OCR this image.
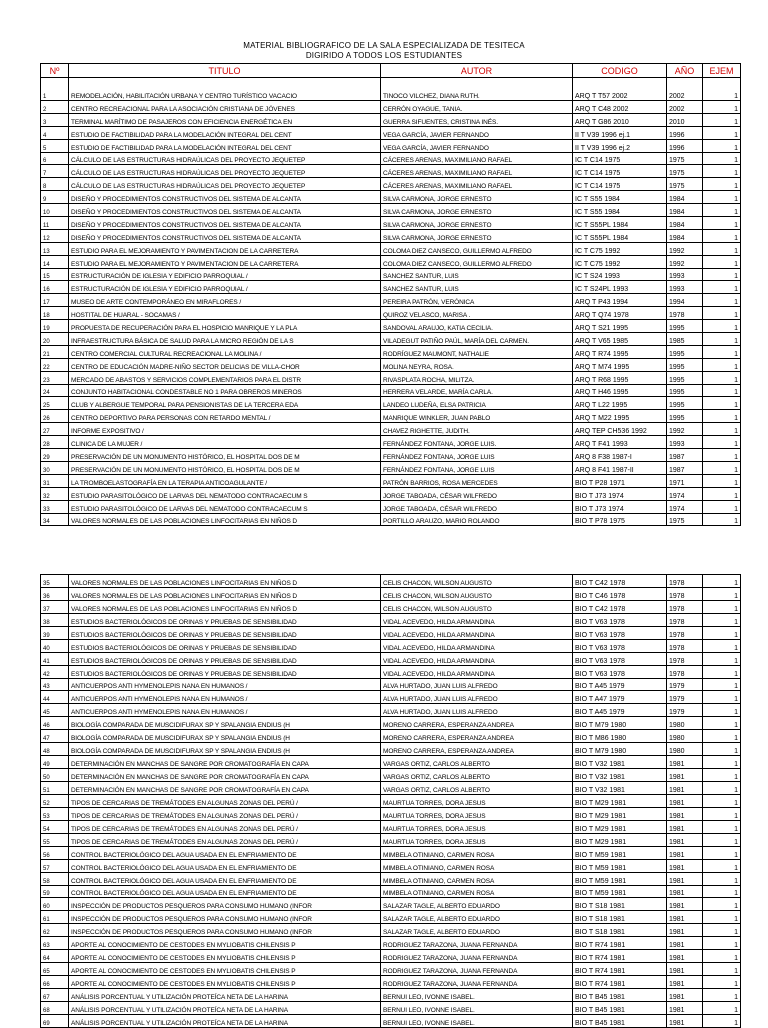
MATERIAL BIBLIOGRAFICO DE LA SALA ESPECIALIZADA DE TESITECA
DIGIRIDO A TODOS LOS ESTUDIANTES
Nº	TITULO	AUTOR	CODIGO	AÑO	EJEM
1	REMODELACIÓN, HABILITACIÓN URBANA Y CENTRO TURÍSTICO VACACIO	TINOCO VILCHEZ, DIANA RUTH.	ARQ T T57 2002	2002	1
2	CENTRO RECREACIONAL PARA LA ASOCIACIÓN CRISTIANA DE JÓVENES	CERRÓN OYAGUE, TANIA.	ARQ T C48 2002	2002	1
3	TERMINAL MARÍTIMO DE PASAJEROS CON EFICIENCIA ENERGÉTICA EN	GUERRA SIFUENTES, CRISTINA INÉS.	ARQ T G86 2010	2010	1
4	ESTUDIO DE FACTIBILIDAD PARA LA MODELACIÓN INTEGRAL DEL CENT	VEGA GARCÍA, JAVIER FERNANDO	II T V39 1996 ej.1	1996	1
5	ESTUDIO DE FACTIBILIDAD PARA LA MODELACIÓN INTEGRAL DEL CENT	VEGA GARCÍA, JAVIER FERNANDO	II T V39 1996 ej.2	1996	1
6	CÁLCULO DE LAS ESTRUCTURAS HIDRAÚLICAS DEL PROYECTO JEQUETEP	CÁCERES ARENAS, MAXIMILIANO RAFAEL	IC T C14 1975	1975	1
7	CÁLCULO DE LAS ESTRUCTURAS HIDRAÚLICAS DEL PROYECTO JEQUETEP	CÁCERES ARENAS, MAXIMILIANO RAFAEL	IC T C14 1975	1975	1
8	CÁLCULO DE LAS ESTRUCTURAS HIDRAÚLICAS DEL PROYECTO JEQUETEP	CÁCERES ARENAS, MAXIMILIANO RAFAEL	IC T C14 1975	1975	1
9	DISEÑO Y PROCEDIMIENTOS CONSTRUCTIVOS DEL SISTEMA DE ALCANTA	SILVA CARMONA, JORGE ERNESTO	IC T S55 1984	1984	1
10	DISEÑO Y PROCEDIMIENTOS CONSTRUCTIVOS DEL SISTEMA DE ALCANTA	SILVA CARMONA, JORGE ERNESTO	IC T S55 1984	1984	1
11	DISEÑO Y PROCEDIMIENTOS CONSTRUCTIVOS DEL SISTEMA DE ALCANTA	SILVA CARMONA, JORGE ERNESTO	IC T S55PL 1984	1984	1
12	DISEÑO Y PROCEDIMIENTOS CONSTRUCTIVOS DEL SISTEMA DE ALCANTA	SILVA CARMONA, JORGE ERNESTO	IC T S55PL 1984	1984	1
13	ESTUDIO PARA EL MEJORAMIENTO Y PAVIMENTACION DE LA CARRETERA	COLOMA DIEZ CANSECO, GUILLERMO ALFREDO	IC T C75 1992	1992	1
14	ESTUDIO PARA EL MEJORAMIENTO Y PAVIMENTACION DE LA CARRETERA	COLOMA DIEZ CANSECO, GUILLERMO ALFREDO	IC T C75 1992	1992	1
15	ESTRUCTURACIÓN DE IGLESIA Y EDIFICIO PARROQUIAL /	SANCHEZ SANTUR, LUIS	IC T S24 1993	1993	1
16	ESTRUCTURACIÓN DE IGLESIA Y EDIFICIO PARROQUIAL /	SANCHEZ SANTUR, LUIS	IC T S24PL 1993	1993	1
17	MUSEO DE ARTE CONTEMPORÁNEO EN MIRAFLORES /	PEREIRA PATRÓN, VERÓNICA	ARQ T P43 1994	1994	1
18	HOSTITAL DE HUARAL - SOCAMAS /	QUIROZ VELASCO, MARISA .	ARQ T Q74 1978	1978	1
19	PROPUESTA DE RECUPERACIÓN PARA EL HOSPICIO MANRIQUE Y LA PLA	SANDOVAL ARAUJO, KATIA CECILIA.	ARQ T S21 1995	1995	1
20	INFRAESTRUCTURA BÁSICA DE SALUD PARA LA MICRO REGIÓN DE LA S	VILADEGUT PATIÑO PAÚL, MARÍA DEL CARMEN.	ARQ T V65 1985	1985	1
21	CENTRO COMERCIAL CULTURAL RECREACIONAL LA MOLINA /	RODRÍGUEZ MAUMONT, NATHALIE	ARQ T R74 1995	1995	1
22	CENTRO DE EDUCACIÓN MADRE-NIÑO SECTOR DELICIAS DE VILLA-CHOR	MOLINA NEYRA, ROSA.	ARQ T M74 1995	1995	1
23	MERCADO DE ABASTOS Y SERVICIOS COMPLEMENTARIOS PARA EL DISTR	RIVASPLATA ROCHA, MILITZA.	ARQ T R68 1995	1995	1
24	CONJUNTO HABITACIONAL CONDESTABLE NO 1 PARA OBREROS MINEROS	HERRERA VELARDE, MARÍA CARLA.	ARQ T H46 1995	1995	1
25	CLUB Y ALBERGUE TEMPORAL PARA PENSIONISTAS DE LA TERCERA EDA	LANDEO LUDEÑA, ELSA PATRICIA	ARQ T L22 1995	1995	1
26	CENTRO DEPORTIVO PARA PERSONAS CON RETARDO MENTAL /	MANRIQUE WINKLER, JUAN PABLO	ARQ T M22 1995	1995	1
27	INFORME EXPOSITIVO /	CHAVEZ RIGHETTE, JUDITH.	ARQ TEP CH536 1992	1992	1
28	CLINICA DE LA MUJER /	FERNÁNDEZ FONTANA, JORGE LUIS.	ARQ T F41 1993	1993	1
29	PRESERVACIÓN DE UN MONUMENTO HISTÓRICO, EL HOSPITAL DOS DE M	FERNÁNDEZ FONTANA, JORGE LUIS	ARQ 8 F38 1987-I	1987	1
30	PRESERVACIÓN DE UN MONUMENTO HISTÓRICO, EL HOSPITAL DOS DE M	FERNÁNDEZ FONTANA, JORGE LUIS	ARQ 8 F41 1987-II	1987	1
31	LA TROMBOELASTOGRAFÍA EN LA TERAPIA ANTICOAGULANTE /	PATRÓN BARRIOS, ROSA MERCEDES	BIO T P28 1971	1971	1
32	ESTUDIO PARASITOLÓGICO DE LARVAS DEL NEMATODO CONTRACAECUM S	JORGE TABOADA, CÉSAR WILFREDO	BIO T J73 1974	1974	1
33	ESTUDIO PARASITOLÓGICO DE LARVAS DEL NEMATODO CONTRACAECUM S	JORGE TABOADA, CÉSAR WILFREDO	BIO T J73 1974	1974	1
34	VALORES NORMALES DE LAS POBLACIONES LINFOCITARIAS EN NIÑOS D	PORTILLO ARAUZO, MARIO ROLANDO	BIO T P78 1975	1975	1
35	VALORES NORMALES DE LAS POBLACIONES LINFOCITARIAS EN NIÑOS D	CELIS CHACON, WILSON AUGUSTO	BIO T C42 1978	1978	1
36	VALORES NORMALES DE LAS POBLACIONES LINFOCITARIAS EN NIÑOS D	CELIS CHACON, WILSON AUGUSTO	BIO T C46 1978	1978	1
37	VALORES NORMALES DE LAS POBLACIONES LINFOCITARIAS EN NIÑOS D	CELIS CHACON, WILSON AUGUSTO	BIO T C42 1978	1978	1
38	ESTUDIOS BACTERIOLÓGICOS DE ORINAS Y PRUEBAS DE SENSIBILIDAD	VIDAL ACEVEDO, HILDA ARMANDINA	BIO T V63 1978	1978	1
39	ESTUDIOS BACTERIOLÓGICOS DE ORINAS Y PRUEBAS DE SENSIBILIDAD	VIDAL ACEVEDO, HILDA ARMANDINA	BIO T V63 1978	1978	1
40	ESTUDIOS BACTERIOLÓGICOS DE ORINAS Y PRUEBAS DE SENSIBILIDAD	VIDAL ACEVEDO, HILDA ARMANDINA	BIO T V63 1978	1978	1
41	ESTUDIOS BACTERIOLÓGICOS DE ORINAS Y PRUEBAS DE SENSIBILIDAD	VIDAL ACEVEDO, HILDA ARMANDINA	BIO T V63 1978	1978	1
42	ESTUDIOS BACTERIOLÓGICOS DE ORINAS Y PRUEBAS DE SENSIBILIDAD	VIDAL ACEVEDO, HILDA ARMANDINA	BIO T V63 1978	1978	1
43	ANTICUERPOS ANTI HYMENOLEPIS NANA EN HUMANOS /	ALVA HURTADO, JUAN LUIS ALFREDO	BIO T A45 1979	1979	1
44	ANTICUERPOS ANTI HYMENOLEPIS NANA EN HUMANOS /	ALVA HURTADO, JUAN LUIS ALFREDO	BIO T A47 1979	1979	1
45	ANTICUERPOS ANTI HYMENOLEPIS NANA EN HUMANOS /	ALVA HURTADO, JUAN LUIS ALFREDO	BIO T A45 1979	1979	1
46	BIOLOGÍA COMPARADA DE MUSCIDIFURAX SP Y SPALANGIA ENDIUS (H	MORENO CARRERA, ESPERANZA ANDREA	BIO T M79 1980	1980	1
47	BIOLOGÍA COMPARADA DE MUSCIDIFURAX SP Y SPALANGIA ENDIUS (H	MORENO CARRERA, ESPERANZA ANDREA	BIO T M86 1980	1980	1
48	BIOLOGÍA COMPARADA DE MUSCIDIFURAX SP Y SPALANGIA ENDIUS (H	MORENO CARRERA, ESPERANZA ANDREA	BIO T M79 1980	1980	1
49	DETERMINACIÓN EN MANCHAS DE SANGRE POR CROMATOGRAFÍA EN CAPA	VARGAS ORTIZ, CARLOS ALBERTO	BIO T V32 1981	1981	1
50	DETERMINACIÓN EN MANCHAS DE SANGRE POR CROMATOGRAFÍA EN CAPA	VARGAS ORTIZ, CARLOS ALBERTO	BIO T V32 1981	1981	1
51	DETERMINACIÓN EN MANCHAS DE SANGRE POR CROMATOGRAFÍA EN CAPA	VARGAS ORTIZ, CARLOS ALBERTO	BIO T V32 1981	1981	1
52	TIPOS DE CERCARIAS DE TREMÁTODES EN ALGUNAS ZONAS DEL PERÚ /	MAURTUA TORRES, DORA JESUS	BIO T M29 1981	1981	1
53	TIPOS DE CERCARIAS DE TREMÁTODES EN ALGUNAS ZONAS DEL PERÚ /	MAURTUA TORRES, DORA JESUS	BIO T M29 1981	1981	1
54	TIPOS DE CERCARIAS DE TREMÁTODES EN ALGUNAS ZONAS DEL PERÚ /	MAURTUA TORRES, DORA JESUS	BIO T M29 1981	1981	1
55	TIPOS DE CERCARIAS DE TREMÁTODES EN ALGUNAS ZONAS DEL PERÚ /	MAURTUA TORRES, DORA JESUS	BIO T M29 1981	1981	1
56	CONTROL BACTERIOLÓGICO DEL AGUA USADA EN EL ENFRIAMIENTO DE	MIMBELA OTINIANO, CARMEN ROSA	BIO T M59 1981	1981	1
57	CONTROL BACTERIOLÓGICO DEL AGUA USADA EN EL ENFRIAMIENTO DE	MIMBELA OTINIANO, CARMEN ROSA	BIO T M59 1981	1981	1
58	CONTROL BACTERIOLÓGICO DEL AGUA USADA EN EL ENFRIAMIENTO DE	MIMBELA OTINIANO, CARMEN ROSA	BIO T M59 1981	1981	1
59	CONTROL BACTERIOLÓGICO DEL AGUA USADA EN EL ENFRIAMIENTO DE	MIMBELA OTINIANO, CARMEN ROSA	BIO T M59 1981	1981	1
60	INSPECCIÓN DE PRODUCTOS PESQUEROS PARA CONSUMO HUMANO (INFOR	SALAZAR TAGLE, ALBERTO EDUARDO	BIO T S18 1981	1981	1
61	INSPECCIÓN DE PRODUCTOS PESQUEROS PARA CONSUMO HUMANO (INFOR	SALAZAR TAGLE, ALBERTO EDUARDO	BIO T S18 1981	1981	1
62	INSPECCIÓN DE PRODUCTOS PESQUEROS PARA CONSUMO HUMANO (INFOR	SALAZAR TAGLE, ALBERTO EDUARDO	BIO T S18 1981	1981	1
63	APORTE AL CONOCIMIENTO DE CESTODES EN MYLIOBATIS CHILENSIS P	RODRIGUEZ TARAZONA, JUANA FERNANDA	BIO T R74 1981	1981	1
64	APORTE AL CONOCIMIENTO DE CESTODES EN MYLIOBATIS CHILENSIS P	RODRIGUEZ TARAZONA, JUANA FERNANDA	BIO T R74 1981	1981	1
65	APORTE AL CONOCIMIENTO DE CESTODES EN MYLIOBATIS CHILENSIS P	RODRIGUEZ TARAZONA, JUANA FERNANDA	BIO T R74 1981	1981	1
66	APORTE AL CONOCIMIENTO DE CESTODES EN MYLIOBATIS CHILENSIS P	RODRIGUEZ TARAZONA, JUANA FERNANDA	BIO T R74 1981	1981	1
67	ANÁLISIS PORCENTUAL Y UTILIZACIÓN PROTEÍCA NETA DE LA HARINA	BERNUI LEO, IVONNE ISABEL.	BIO T B45 1981	1981	1
68	ANÁLISIS PORCENTUAL Y UTILIZACIÓN PROTEÍCA NETA DE LA HARINA	BERNUI LEO, IVONNE ISABEL.	BIO T B45 1981	1981	1
69	ANÁLISIS PORCENTUAL Y UTILIZACIÓN PROTEÍCA NETA DE LA HARINA	BERNUI LEO, IVONNE ISABEL.	BIO T B45 1981	1981	1
